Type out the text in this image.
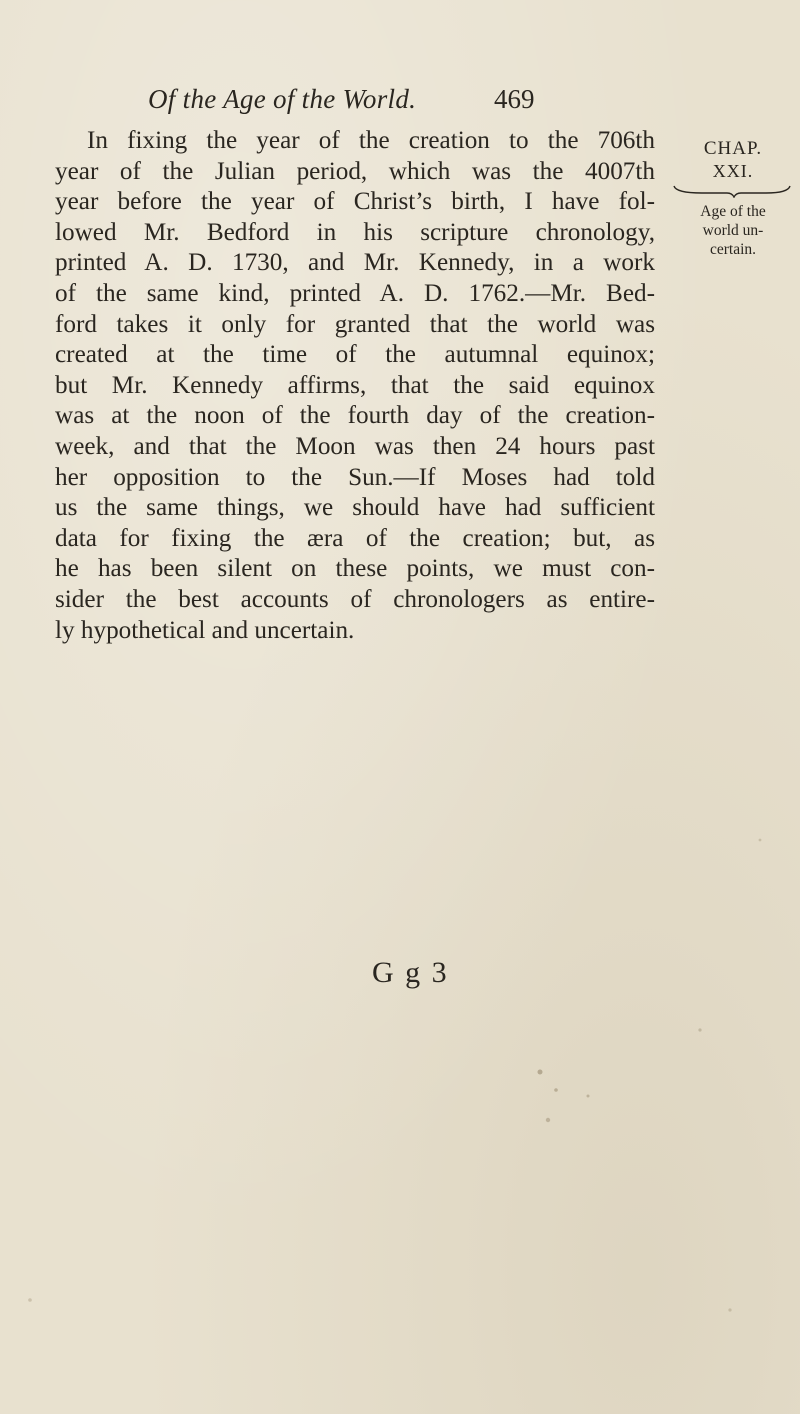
Of the Age of the World.	469
In fixing the year of the creation to the 706th
year of the Julian period, which was the 4007th
year before the year of Christ’s birth, I have fol-
lowed Mr. Bedford in his scripture chronology,
printed A. D. 1730, and Mr. Kennedy, in a work
of the same kind, printed A. D. 1762.—Mr. Bed-
ford takes it only for granted that the world was
created at the time of the autumnal equinox;
but Mr. Kennedy affirms, that the said equinox
was at the noon of the fourth day of the creation-
week, and that the Moon was then 24 hours past
her opposition to the Sun.—If Moses had told
us the same things, we should have had sufficient
data for fixing the æra of the creation; but, as
he has been silent on these points, we must con-
sider the best accounts of chronologers as entire-
ly hypothetical and uncertain.
CHAP.
XXI.
Age of the
world un-
certain.
G g 3
